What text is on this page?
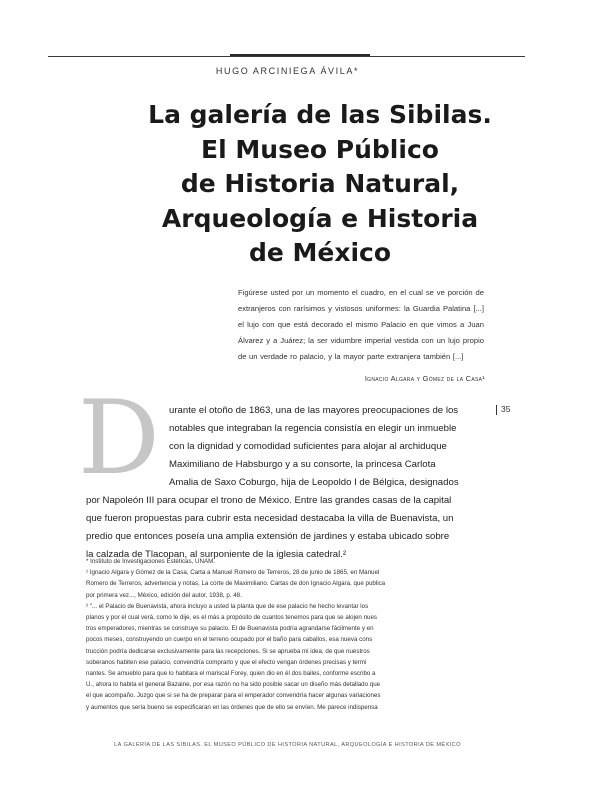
HUGO ARCINIEGA ÁVILA*
La galería de las Sibilas.
El Museo Público
de Historia Natural,
Arqueología e Historia
de México
Figúrese usted por un momento el cuadro, en el cual se ve porción de extranjeros con rarísimos y vistosos uniformes: la Guardia Palatina [...] el lujo con que está decorado el mismo Palacio en que vimos a Juan Álvarez y a Juárez; la ser vidumbre imperial vestida con un lujo propio de un verdade ro palacio, y la mayor parte extranjera también [...]
Ignacio Algara y Gómez de la Casa¹
D	35
urante el otoño de 1863, una de las mayores preocupaciones de los
notables que integraban la regencia consistía en elegir un inmueble
con la dignidad y comodidad suficientes para alojar al archiduque
Maximiliano de Habsburgo y a su consorte, la princesa Carlota
Amalia de Saxo Coburgo, hija de Leopoldo I de Bélgica, designados
por Napoleón III para ocupar el trono de México. Entre las grandes casas de la capital
que fueron propuestas para cubrir esta necesidad destacaba la villa de Buenavista, un
predio que entonces poseía una amplia extensión de jardines y estaba ubicado sobre
la calzada de Tlacopan, al surponiente de la iglesia catedral.²
* Instituto de Investigaciones Estéticas, UNAM.
¹ Ignacio Algara y Gómez de la Casa, Carta a Manuel Romero de Terreros, 28 de junio de 1865, en Manuel
Romero de Terreros, advertencia y notas, La corte de Maximiliano. Cartas de don Ignacio Algara, que publica
por primera vez..., México, edición del autor, 1938, p. 48.
² "... el Palacio de Buenavista, ahora incluyo a usted la planta que de ese palacio he hecho levantar los
planos y por el cual verá, como le dije, es el más a propósito de cuantos tenemos para que se alojen nues
tros emperadores, mientras se construye su palacio. El de Buenavista podría agrandarse fácilmente y en
pocos meses, construyendo un cuerpo en el terreno ocupado por el baño para caballos, esa nueva cons
trucción podría dedicarse exclusivamente para las recepciones. Si se aprueba mi idea, de que nuestros
soberanos habiten ese palacio, convendría comprarlo y que el efecto vengan órdenes precisas y termi
nantes. Se amueblo para que lo habitara el mariscal Forey, quien dio en él dos bailes, conforme escribo a
U., ahora lo habita el general Bazaine, por esa razón no ha sido posible sacar un diseño más detallado que
el que acompaño. Juzgo que si se ha de preparar para el emperador convendría hacer algunas variaciones
y aumentos que sería bueno se especificaran en las órdenes que de ello se envíen. Me parece indispensa
LA GALERÍA DE LAS SIBILAS. EL MUSEO PÚBLICO DE HISTORIA NATURAL, ARQUEOLOGÍA E HISTORIA DE MÉXICO
